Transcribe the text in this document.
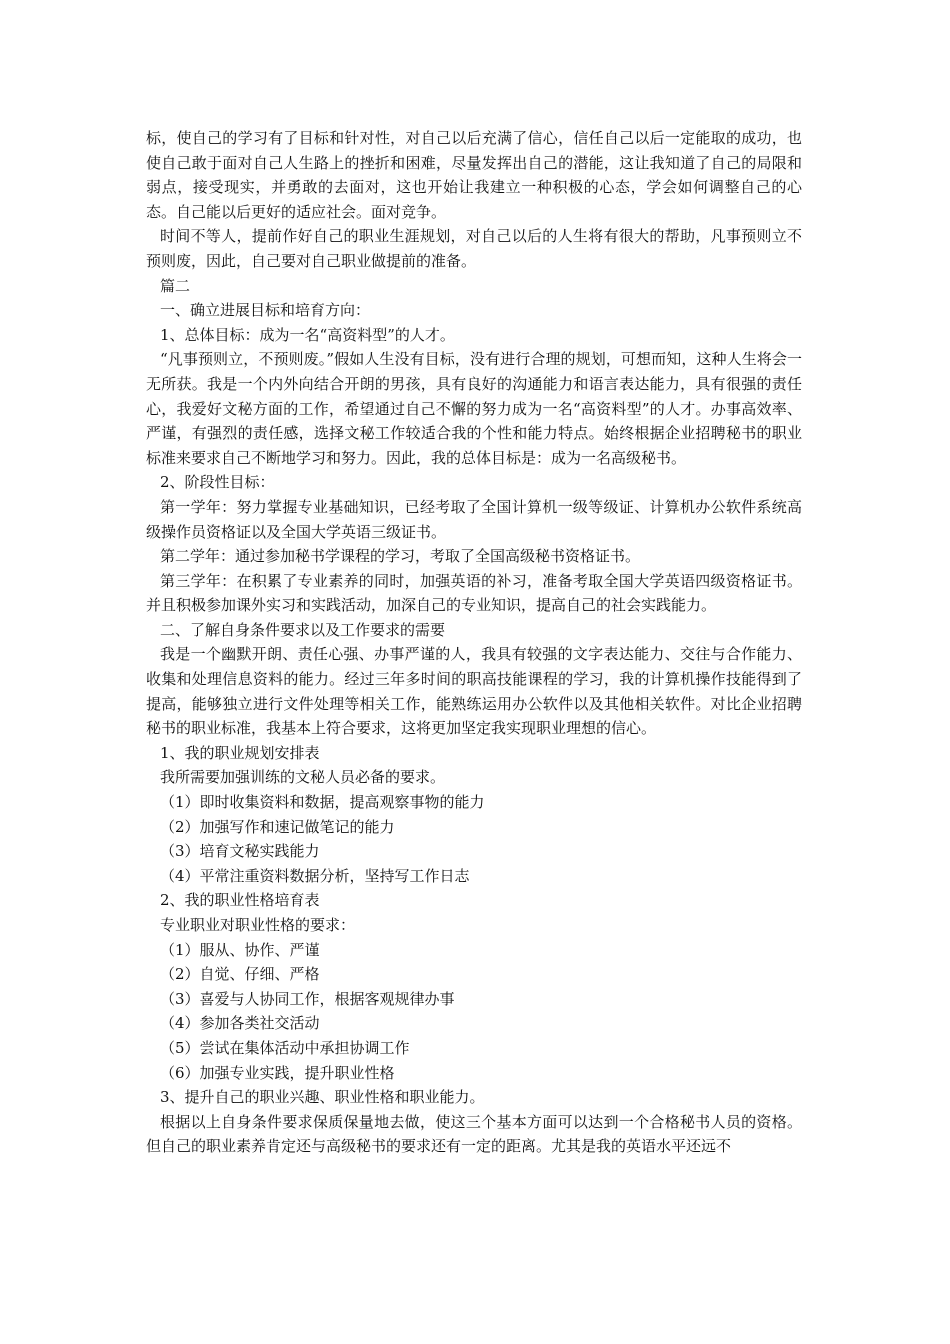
标，使自己的学习有了目标和针对性，对自己以后充满了信心，信任自己以后一定能取的成功，也使自己敢于面对自己人生路上的挫折和困难，尽量发挥出自己的潜能，这让我知道了自己的局限和弱点，接受现实，并勇敢的去面对，这也开始让我建立一种积极的心态，学会如何调整自己的心态。自己能以后更好的适应社会。面对竞争。

时间不等人，提前作好自己的职业生涯规划，对自己以后的人生将有很大的帮助，凡事预则立不预则废，因此，自己要对自己职业做提前的准备。

篇二

一、确立进展目标和培育方向：

1、总体目标：成为一名“高资料型”的人才。

“凡事预则立，不预则废。”假如人生没有目标，没有进行合理的规划，可想而知，这种人生将会一无所获。我是一个内外向结合开朗的男孩，具有良好的沟通能力和语言表达能力，具有很强的责任心，我爱好文秘方面的工作，希望通过自己不懈的努力成为一名“高资料型”的人才。办事高效率、严谨，有强烈的责任感，选择文秘工作较适合我的个性和能力特点。始终根据企业招聘秘书的职业标准来要求自己不断地学习和努力。因此，我的总体目标是：成为一名高级秘书。

2、阶段性目标：

第一学年：努力掌握专业基础知识，已经考取了全国计算机一级等级证、计算机办公软件系统高级操作员资格证以及全国大学英语三级证书。

第二学年：通过参加秘书学课程的学习，考取了全国高级秘书资格证书。

第三学年：在积累了专业素养的同时，加强英语的补习，准备考取全国大学英语四级资格证书。并且积极参加课外实习和实践活动，加深自己的专业知识，提高自己的社会实践能力。

二、了解自身条件要求以及工作要求的需要

我是一个幽默开朗、责任心强、办事严谨的人，我具有较强的文字表达能力、交往与合作能力、收集和处理信息资料的能力。经过三年多时间的职高技能课程的学习，我的计算机操作技能得到了提高，能够独立进行文件处理等相关工作，能熟练运用办公软件以及其他相关软件。对比企业招聘秘书的职业标准，我基本上符合要求，这将更加坚定我实现职业理想的信心。

1、我的职业规划安排表

我所需要加强训练的文秘人员必备的要求。

（1）即时收集资料和数据，提高观察事物的能力

（2）加强写作和速记做笔记的能力

（3）培育文秘实践能力

（4）平常注重资料数据分析，坚持写工作日志

2、我的职业性格培育表

专业职业对职业性格的要求：

（1）服从、协作、严谨

（2）自觉、仔细、严格

（3）喜爱与人协同工作，根据客观规律办事

（4）参加各类社交活动

（5）尝试在集体活动中承担协调工作

（6）加强专业实践，提升职业性格

3、提升自己的职业兴趣、职业性格和职业能力。

根据以上自身条件要求保质保量地去做，使这三个基本方面可以达到一个合格秘书人员的资格。但自己的职业素养肯定还与高级秘书的要求还有一定的距离。尤其是我的英语水平还远不
